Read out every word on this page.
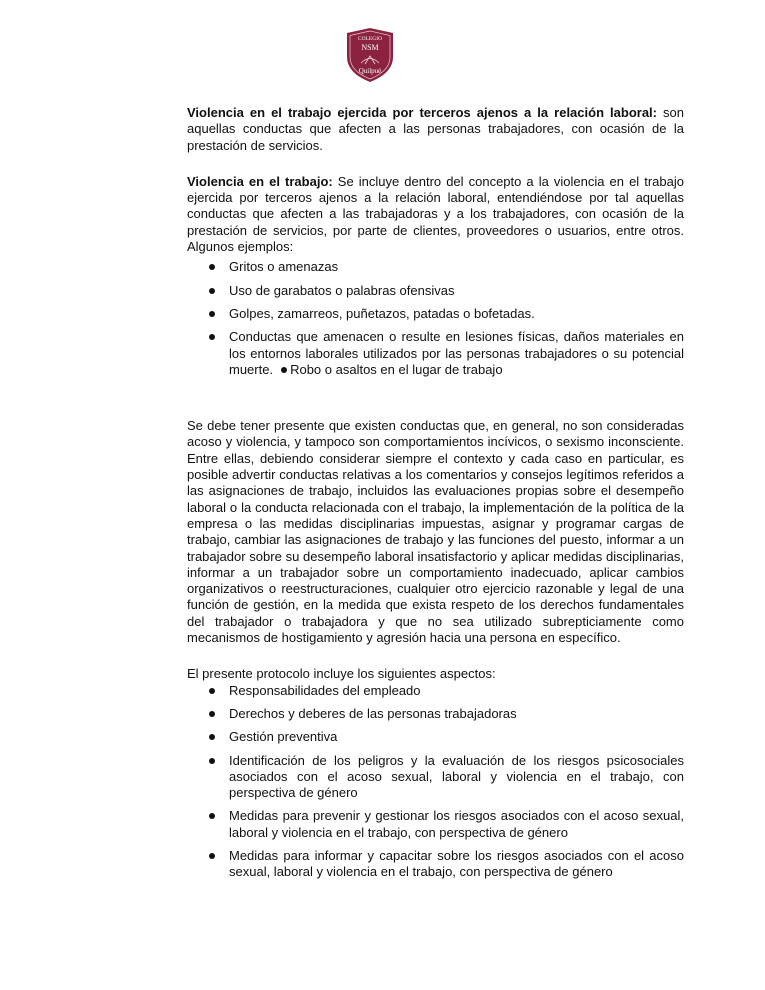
COLEGIO
NSM
Quilpué

Violencia en el trabajo ejercida por terceros ajenos a la relación laboral: son aquellas conductas que afecten a las personas trabajadores, con ocasión de la prestación de servicios.

Violencia en el trabajo: Se incluye dentro del concepto a la violencia en el trabajo ejercida por terceros ajenos a la relación laboral, entendiéndose por tal aquellas conductas que afecten a las trabajadoras y a los trabajadores, con ocasión de la prestación de servicios, por parte de clientes, proveedores o usuarios, entre otros. Algunos ejemplos:

Gritos o amenazas
Uso de garabatos o palabras ofensivas
Golpes, zamarreos, puñetazos, patadas o bofetadas.
Conductas que amenacen o resulte en lesiones físicas, daños materiales en los entornos laborales utilizados por las personas trabajadores o su potencial muerte. Robo o asaltos en el lugar de trabajo

Se debe tener presente que existen conductas que, en general, no son consideradas acoso y violencia, y tampoco son comportamientos incívicos, o sexismo inconsciente. Entre ellas, debiendo considerar siempre el contexto y cada caso en particular, es posible advertir conductas relativas a los comentarios y consejos legítimos referidos a las asignaciones de trabajo, incluidos las evaluaciones propias sobre el desempeño laboral o la conducta relacionada con el trabajo, la implementación de la política de la empresa o las medidas disciplinarias impuestas, asignar y programar cargas de trabajo, cambiar las asignaciones de trabajo y las funciones del puesto, informar a un trabajador sobre su desempeño laboral insatisfactorio y aplicar medidas disciplinarias, informar a un trabajador sobre un comportamiento inadecuado, aplicar cambios organizativos o reestructuraciones, cualquier otro ejercicio razonable y legal de una función de gestión, en la medida que exista respeto de los derechos fundamentales del trabajador o trabajadora y que no sea utilizado subrepticiamente como mecanismos de hostigamiento y agresión hacia una persona en específico.

El presente protocolo incluye los siguientes aspectos:

Responsabilidades del empleado
Derechos y deberes de las personas trabajadoras
Gestión preventiva
Identificación de los peligros y la evaluación de los riesgos psicosociales asociados con el acoso sexual, laboral y violencia en el trabajo, con perspectiva de género
Medidas para prevenir y gestionar los riesgos asociados con el acoso sexual, laboral y violencia en el trabajo, con perspectiva de género
Medidas para informar y capacitar sobre los riesgos asociados con el acoso sexual, laboral y violencia en el trabajo, con perspectiva de género
